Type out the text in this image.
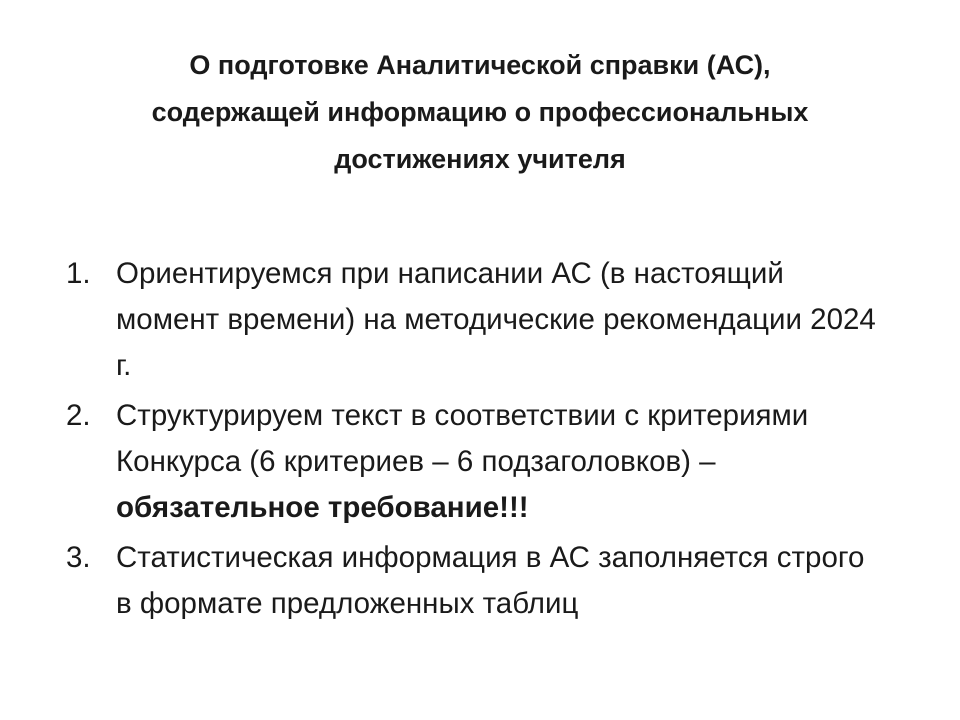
О подготовке Аналитической справки (АС),
содержащей информацию о профессиональных
достижениях учителя
1. Ориентируемся при написании АС (в настоящий момент времени) на методические рекомендации 2024 г.
2. Структурируем текст в соответствии с критериями Конкурса (6 критериев – 6 подзаголовков) – обязательное требование!!!
3. Статистическая информация в АС заполняется строго в формате предложенных таблиц
